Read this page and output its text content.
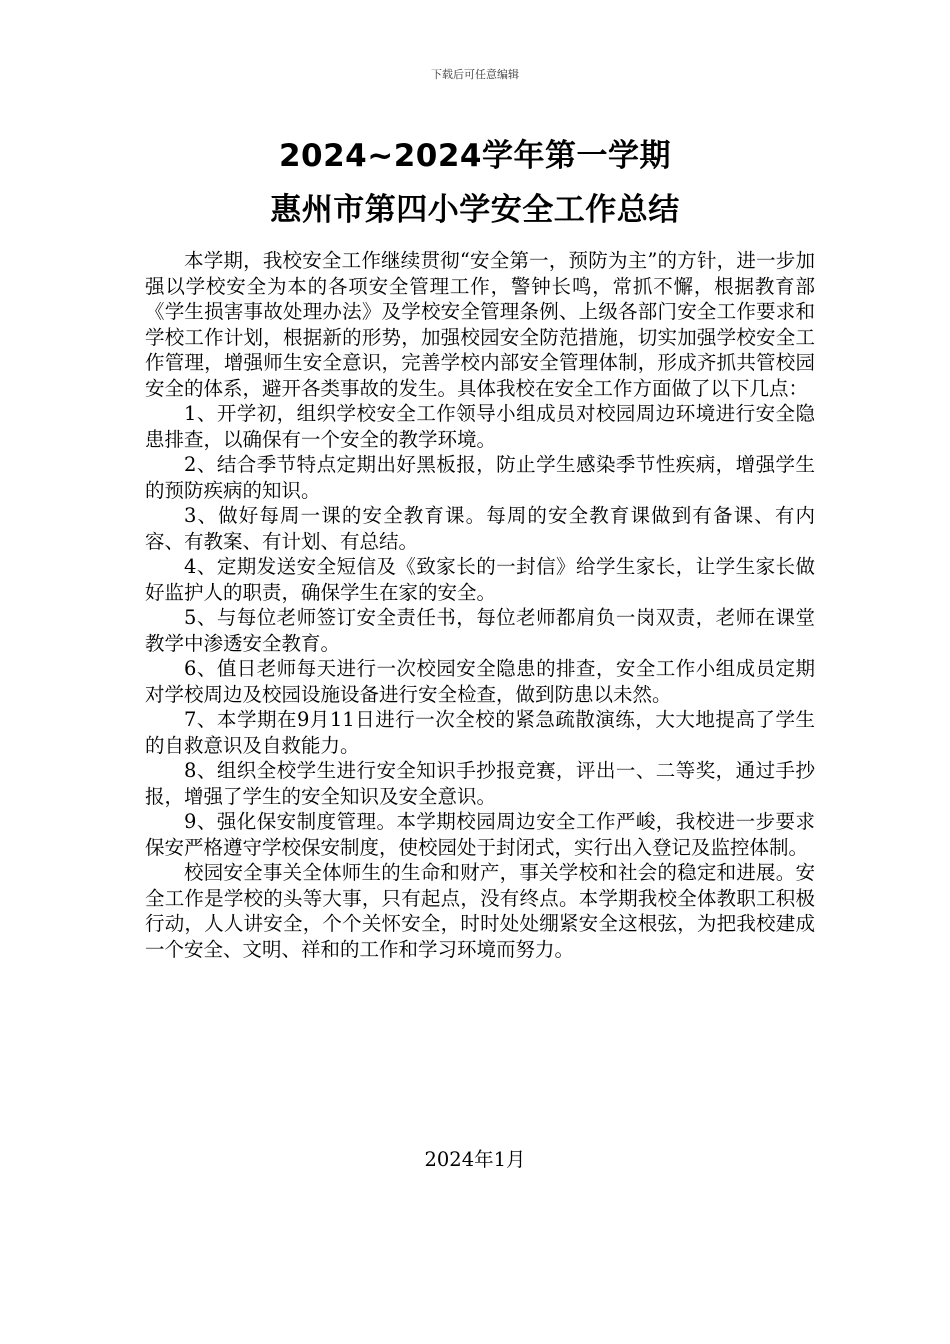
下载后可任意编辑
2024~2024学年第一学期
惠州市第四小学安全工作总结

本学期，我校安全工作继续贯彻“安全第一，预防为主”的方针，进一步加强以学校安全为本的各项安全管理工作，警钟长鸣，常抓不懈，根据教育部《学生损害事故处理办法》及学校安全管理条例、上级各部门安全工作要求和学校工作计划，根据新的形势，加强校园安全防范措施，切实加强学校安全工作管理，增强师生安全意识，完善学校内部安全管理体制，形成齐抓共管校园安全的体系，避开各类事故的发生。具体我校在安全工作方面做了以下几点：

1、开学初，组织学校安全工作领导小组成员对校园周边环境进行安全隐患排查，以确保有一个安全的教学环境。

2、结合季节特点定期出好黑板报，防止学生感染季节性疾病，增强学生的预防疾病的知识。

3、做好每周一课的安全教育课。每周的安全教育课做到有备课、有内容、有教案、有计划、有总结。

4、定期发送安全短信及《致家长的一封信》给学生家长，让学生家长做好监护人的职责，确保学生在家的安全。

5、与每位老师签订安全责任书，每位老师都肩负一岗双责，老师在课堂教学中渗透安全教育。

6、值日老师每天进行一次校园安全隐患的排查，安全工作小组成员定期对学校周边及校园设施设备进行安全检查，做到防患以未然。

7、本学期在9月11日进行一次全校的紧急疏散演练，大大地提高了学生的自救意识及自救能力。

8、组织全校学生进行安全知识手抄报竞赛，评出一、二等奖，通过手抄报，增强了学生的安全知识及安全意识。

9、强化保安制度管理。本学期校园周边安全工作严峻，我校进一步要求保安严格遵守学校保安制度，使校园处于封闭式，实行出入登记及监控体制。

校园安全事关全体师生的生命和财产，事关学校和社会的稳定和进展。安全工作是学校的头等大事，只有起点，没有终点。本学期我校全体教职工积极行动，人人讲安全，个个关怀安全，时时处处绷紧安全这根弦，为把我校建成一个安全、文明、祥和的工作和学习环境而努力。

2024年1月
